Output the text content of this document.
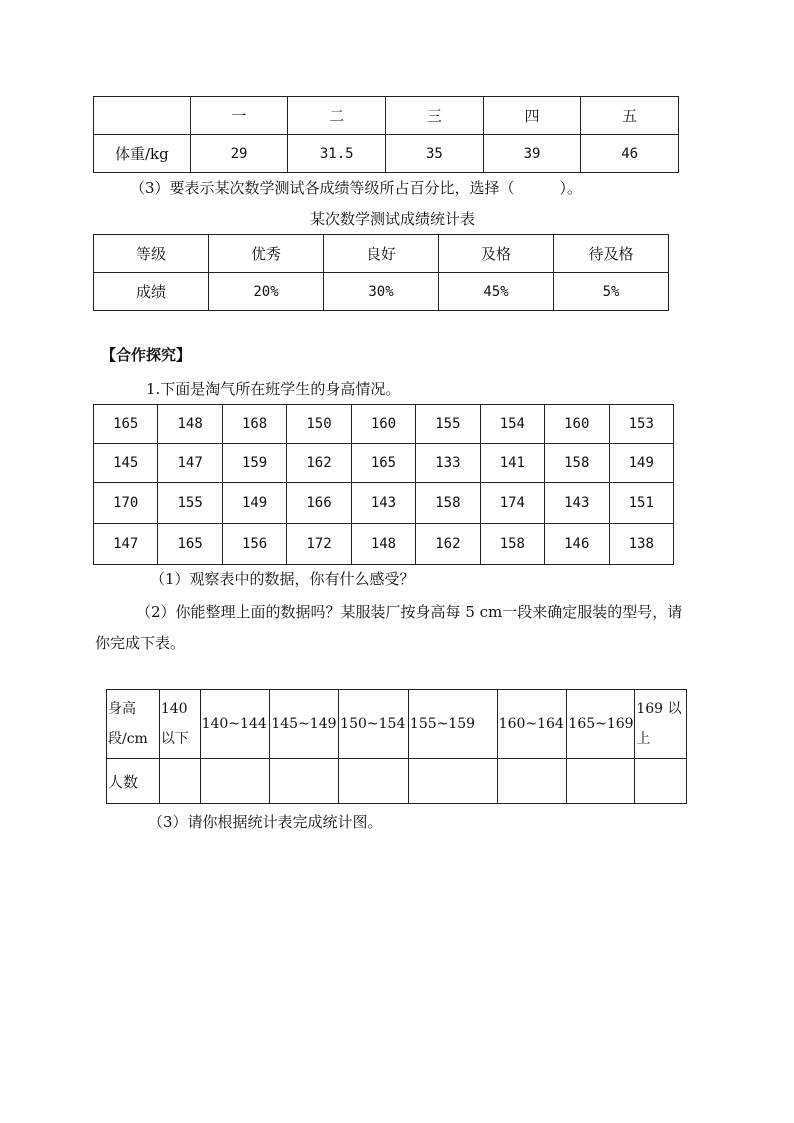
	一	二	三	四	五
体重/kg	29	31.5	35	39	46
（3）要表示某次数学测试各成绩等级所占百分比，选择（　　　）。
某次数学测试成绩统计表
等级	优秀	良好	及格	待及格
成绩	20%	30%	45%	5%
【合作探究】
1.下面是淘气所在班学生的身高情况。
165	148	168	150	160	155	154	160	153
145	147	159	162	165	133	141	158	149
170	155	149	166	143	158	174	143	151
147	165	156	172	148	162	158	146	138
（1）观察表中的数据，你有什么感受？
（2）你能整理上面的数据吗？某服装厂按身高每 5 cm一段来确定服装的型号，请
你完成下表。
身高段/cm	140以下	140~144	145~149	150~154	155~159	160~164	165~169	169 以上
人数								
（3）请你根据统计表完成统计图。
